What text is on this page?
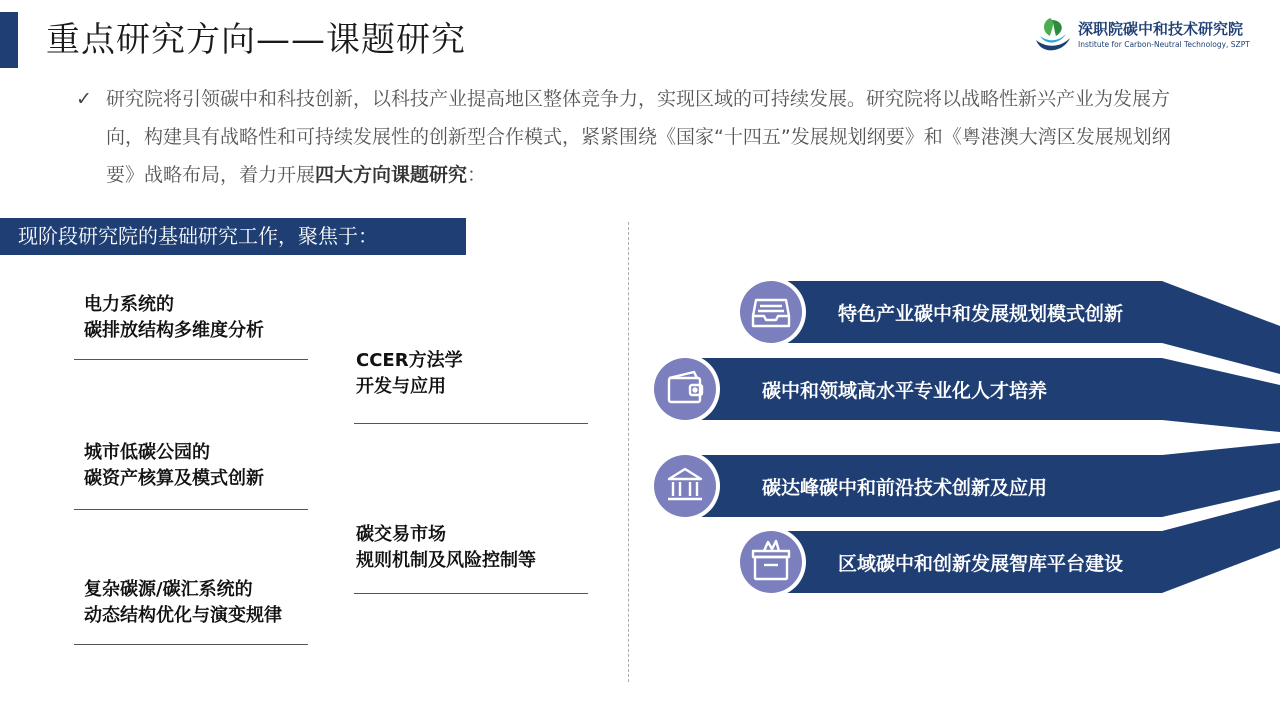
重点研究方向——课题研究	深职院碳中和技术研究院
Institute for Carbon-Neutral Technology, SZPT
✓ 研究院将引领碳中和科技创新，以科技产业提高地区整体竞争力，实现区域的可持续发展。研究院将以战略性新兴产业为发展方向，构建具有战略性和可持续发展性的创新型合作模式，紧紧围绕《国家“十四五”发展规划纲要》和《粤港澳大湾区发展规划纲要》战略布局，着力开展四大方向课题研究：
现阶段研究院的基础研究工作，聚焦于：
电力系统的
碳排放结构多维度分析
CCER方法学
开发与应用
城市低碳公园的
碳资产核算及模式创新
碳交易市场
规则机制及风险控制等
复杂碳源/碳汇系统的
动态结构优化与演变规律
特色产业碳中和发展规划模式创新
碳中和领域高水平专业化人才培养
碳达峰碳中和前沿技术创新及应用
区域碳中和创新发展智库平台建设
